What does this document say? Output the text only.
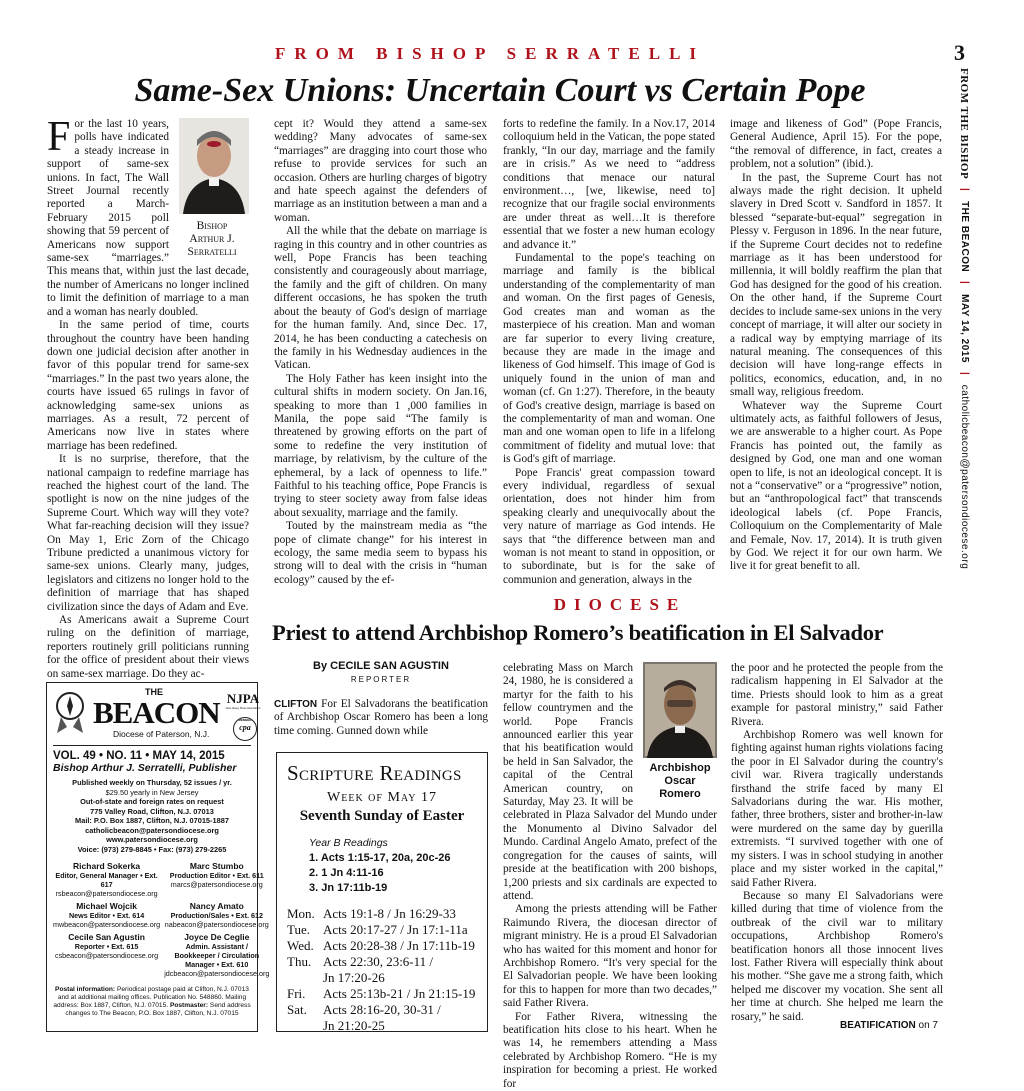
3
FROM THE BISHOP | THE BEACON | MAY 14, 2015 | catholicbeacon@patersondiocese.org
FROM BISHOP SERRATELLI
Same-Sex Unions: Uncertain Court vs Certain Pope
Bishop
Arthur J.
Serratelli

For the last 10 years, polls have indicated a steady increase in support of same-sex unions. In fact, The Wall Street Journal recently reported a March-February 2015 poll showing that 59 percent of Americans now support same-sex “marriages.” This means that, within just the last decade, the number of Americans no longer inclined to limit the definition of marriage to a man and a woman has nearly doubled.

In the same period of time, courts throughout the country have been handing down one judicial decision after another in favor of this popular trend for same-sex “marriages.” In the past two years alone, the courts have issued 65 rulings in favor of acknowledging same-sex unions as marriages. As a result, 72 percent of Americans now live in states where marriage has been redefined.

It is no surprise, therefore, that the national campaign to redefine marriage has reached the highest court of the land. The spotlight is now on the nine judges of the Supreme Court. Which way will they vote? What far-reaching decision will they issue? On May 1, Eric Zorn of the Chicago Tribune predicted a unanimous victory for same-sex unions. Clearly many, judges, legislators and citizens no longer hold to the definition of marriage that has shaped civilization since the days of Adam and Eve.

As Americans await a Supreme Court ruling on the definition of marriage, reporters routinely grill politicians running for the office of president about their views on same-sex marriage. Do they ac-

cept it? Would they attend a same-sex wedding? Many advocates of same-sex “marriages” are dragging into court those who refuse to provide services for such an occasion. Others are hurling charges of bigotry and hate speech against the defenders of marriage as an institution between a man and a woman.

All the while that the debate on marriage is raging in this country and in other countries as well, Pope Francis has been teaching consistently and courageously about marriage, the family and the gift of children. On many different occasions, he has spoken the truth about the beauty of God's design of marriage for the human family. And, since Dec. 17, 2014, he has been conducting a catechesis on the family in his Wednesday audiences in the Vatican.

The Holy Father has keen insight into the cultural shifts in modern society. On Jan.16, speaking to more than 1 ,000 families in Manila, the pope said “The family is threatened by growing efforts on the part of some to redefine the very institution of marriage, by relativism, by the culture of the ephemeral, by a lack of openness to life.” Faithful to his teaching office, Pope Francis is trying to steer society away from false ideas about sexuality, marriage and the family.

Touted by the mainstream media as “the pope of climate change” for his interest in ecology, the same media seem to bypass his strong will to deal with the crisis in “human ecology” caused by the ef-

forts to redefine the family. In a Nov.17, 2014 colloquium held in the Vatican, the pope stated frankly, “In our day, marriage and the family are in crisis.” As we need to “address conditions that menace our natural environment…, [we, likewise, need to] recognize that our fragile social environments are under threat as well…It is therefore essential that we foster a new human ecology and advance it.”

Fundamental to the pope's teaching on marriage and family is the biblical understanding of the complementarity of man and woman. On the first pages of Genesis, God creates man and woman as the masterpiece of his creation. Man and woman are far superior to every living creature, because they are made in the image and likeness of God himself. This image of God is uniquely found in the union of man and woman (cf. Gn 1:27). Therefore, in the beauty of God's creative design, marriage is based on the complementarity of man and woman. One man and one woman open to life in a lifelong commitment of fidelity and mutual love: that is God's gift of marriage.

Pope Francis' great compassion toward every individual, regardless of sexual orientation, does not hinder him from speaking clearly and unequivocally about the very nature of marriage as God intends. He says that “the difference between man and woman is not meant to stand in opposition, or to subordinate, but is for the sake of communion and generation, always in the

image and likeness of God” (Pope Francis, General Audience, April 15). For the pope, “the removal of difference, in fact, creates a problem, not a solution” (ibid.).

In the past, the Supreme Court has not always made the right decision. It upheld slavery in Dred Scott v. Sandford in 1857. It blessed “separate-but-equal” segregation in Plessy v. Ferguson in 1896. In the near future, if the Supreme Court decides not to redefine marriage as it has been understood for millennia, it will boldly reaffirm the plan that God has designed for the good of his creation. On the other hand, if the Supreme Court decides to include same-sex unions in the very concept of marriage, it will alter our society in a radical way by emptying marriage of its natural meaning. The consequences of this decision will have long-range effects in politics, economics, education, and, in no small way, religious freedom.

Whatever way the Supreme Court ultimately acts, as faithful followers of Jesus, we are answerable to a higher court. As Pope Francis has pointed out, the family as designed by God, one man and one woman open to life, is not an ideological concept. It is not a “conservative” or a “progressive” notion, but an “anthropological fact” that transcends ideological labels (cf. Pope Francis, Colloquium on the Complementarity of Male and Female, Nov. 17, 2014). It is truth given by God. We reject it for our own harm. We live it for great benefit to all.

DIOCESE
Priest to attend Archbishop Romero’s beatification in El Salvador
By CECILE SAN AGUSTIN
REPORTER

CLIFTON For El Salvadorans the beatification of Archbishop Oscar Romero has been a long time coming. Gunned down while

Archbishop
Oscar
Romero

celebrating Mass on March 24, 1980, he is considered a martyr for the faith to his fellow countrymen and the world. Pope Francis announced earlier this year that his beatification would be held in San Salvador, the capital of the Central American country, on Saturday, May 23. It will be celebrated in Plaza Salvador del Mundo under the Monumento al Divino Salvador del Mundo. Cardinal Angelo Amato, prefect of the congregation for the causes of saints, will preside at the beatification with 200 bishops, 1,200 priests and six cardinals are expected to attend.

Among the priests attending will be Father Raimundo Rivera, the diocesan director of migrant ministry. He is a proud El Salvadorian who has waited for this moment and honor for Archbishop Romero. “It's very special for the El Salvadorian people. We have been looking for this to happen for more than two decades,” said Father Rivera.

For Father Rivera, witnessing the beatification hits close to his heart. When he was 14, he remembers attending a Mass celebrated by Archbishop Romero. “He is my inspiration for becoming a priest. He worked for

the poor and he protected the people from the radicalism happening in El Salvador at the time. Priests should look to him as a great example for pastoral ministry,” said Father Rivera.

Archbishop Romero was well known for fighting against human rights violations facing the poor in El Salvador during the country's civil war. Rivera tragically understands firsthand the strife faced by many El Salvadorians during the war. His mother, father, three brothers, sister and brother-in-law were murdered on the same day by guerilla extremists. “I survived together with one of my sisters. I was in school studying in another place and my sister worked in the capital,” said Father Rivera.

Because so many El Salvadorians were killed during that time of violence from the outbreak of the civil war to military occupations, Archbishop Romero's beatification honors all those innocent lives lost. Father Rivera will especially think about his mother. “She gave me a strong faith, which helped me discover my vocation. She sent all her time at church. She helped me learn the rosary,” he said.

BEATIFICATION on 7
THE
BEACON NJPA
New Jersey Press Association
MEMBER
cpa
Diocese of Paterson, N.J.
VOL. 49 • NO. 11 • MAY 14, 2015
Bishop Arthur J. Serratelli, Publisher
Published weekly on Thursday, 52 issues / yr.
$29.50 yearly in New Jersey
Out-of-state and foreign rates on request
775 Valley Road, Clifton, N.J. 07013
Mail: P.O. Box 1887, Clifton, N.J. 07015-1887
catholicbeacon@patersondiocese.org
www.patersondiocese.org
Voice: (973) 279-8845 • Fax: (973) 279-2265
Richard Sokerka
Editor, General Manager • Ext. 617
rsbeacon@patersondiocese.org
Marc Stumbo
Production Editor • Ext. 611
marcs@patersondiocese.org
Michael Wojcik
News Editor • Ext. 614
mwbeacon@patersondiocese.org
Nancy Amato
Production/Sales • Ext. 612
nabeacon@patersondiocese.org
Cecile San Agustin
Reporter • Ext. 615
csbeacon@patersondiocese.org
Joyce De Ceglie
Admin. Assistant / Bookkeeper / Circulation Manager • Ext. 610
jdcbeacon@patersondiocese.org
Postal information: Periodical postage paid at Clifton, N.J. 07013 and at additional mailing offices. Publication No. 548860. Mailing address: Box 1887, Clifton, N.J. 07015. Postmaster: Send address changes to The Beacon, P.O. Box 1887, Clifton, N.J. 07015
Scripture Readings
Week of May 17
Seventh Sunday of Easter
Year B Readings
1. Acts 1:15-17, 20a, 20c-26
2. 1 Jn 4:11-16
3. Jn 17:11b-19
Mon. Acts 19:1-8 / Jn 16:29-33
Tue. Acts 20:17-27 / Jn 17:1-11a
Wed. Acts 20:28-38 / Jn 17:11b-19
Thu. Acts 22:30, 23:6-11 /
Jn 17:20-26
Fri.	Acts 25:13b-21 / Jn 21:15-19
Sat.	Acts 28:16-20, 30-31 /
Jn 21:20-25
